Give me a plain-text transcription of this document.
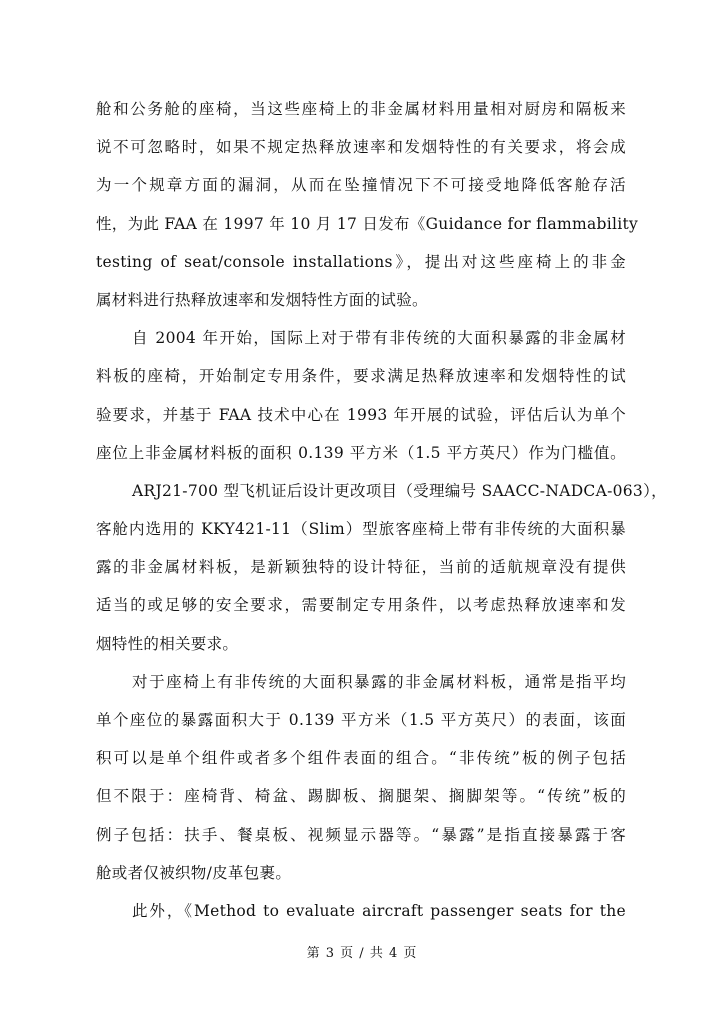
舱和公务舱的座椅，当这些座椅上的非金属材料用量相对厨房和隔板来
说不可忽略时，如果不规定热释放速率和发烟特性的有关要求，将会成
为一个规章方面的漏洞，从而在坠撞情况下不可接受地降低客舱存活
性，为此 FAA 在 1997 年 10 月 17 日发布《Guidance for flammability
testing of seat/console installations》，提出对这些座椅上的非金
属材料进行热释放速率和发烟特性方面的试验。
自 2004 年开始，国际上对于带有非传统的大面积暴露的非金属材
料板的座椅，开始制定专用条件，要求满足热释放速率和发烟特性的试
验要求，并基于 FAA 技术中心在 1993 年开展的试验，评估后认为单个
座位上非金属材料板的面积 0.139 平方米（1.5 平方英尺）作为门槛值。
ARJ21-700 型飞机证后设计更改项目（受理编号 SAACC-NADCA-063），
客舱内选用的 KKY421-11（Slim）型旅客座椅上带有非传统的大面积暴
露的非金属材料板，是新颖独特的设计特征，当前的适航规章没有提供
适当的或足够的安全要求，需要制定专用条件，以考虑热释放速率和发
烟特性的相关要求。
对于座椅上有非传统的大面积暴露的非金属材料板，通常是指平均
单个座位的暴露面积大于 0.139 平方米（1.5 平方英尺）的表面，该面
积可以是单个组件或者多个组件表面的组合。“非传统”板的例子包括
但不限于：座椅背、椅盆、踢脚板、搁腿架、搁脚架等。“传统”板的
例子包括：扶手、餐桌板、视频显示器等。“暴露”是指直接暴露于客
舱或者仅被织物/皮革包裹。
此外，《Method to evaluate aircraft passenger seats for the
第 3 页 / 共 4 页
